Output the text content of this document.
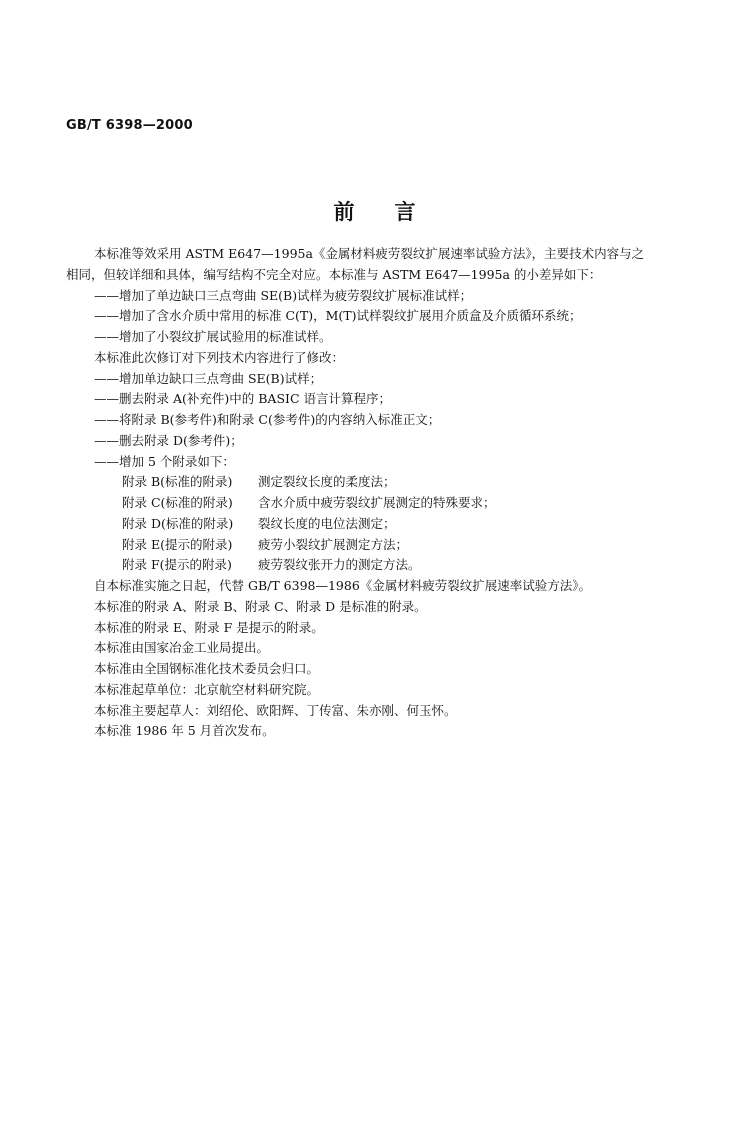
GB/T 6398—2000
前言
本标准等效采用 ASTM E647—1995a《金属材料疲劳裂纹扩展速率试验方法》，主要技术内容与之
相同，但较详细和具体，编写结构不完全对应。本标准与 ASTM E647—1995a 的小差异如下：
——增加了单边缺口三点弯曲 SE(B)试样为疲劳裂纹扩展标准试样；
——增加了含水介质中常用的标准 C(T)，M(T)试样裂纹扩展用介质盒及介质循环系统；
——增加了小裂纹扩展试验用的标准试样。
本标准此次修订对下列技术内容进行了修改：
——增加单边缺口三点弯曲 SE(B)试样；
——删去附录 A(补充件)中的 BASIC 语言计算程序；
——将附录 B(参考件)和附录 C(参考件)的内容纳入标准正文；
——删去附录 D(参考件)；
——增加 5 个附录如下：
附录 B(标准的附录)	测定裂纹长度的柔度法；
附录 C(标准的附录)	含水介质中疲劳裂纹扩展测定的特殊要求；
附录 D(标准的附录)	裂纹长度的电位法测定；
附录 E(提示的附录)	疲劳小裂纹扩展测定方法；
附录 F(提示的附录)	疲劳裂纹张开力的测定方法。
自本标准实施之日起，代替 GB/T 6398—1986《金属材料疲劳裂纹扩展速率试验方法》。
本标准的附录 A、附录 B、附录 C、附录 D 是标准的附录。
本标准的附录 E、附录 F 是提示的附录。
本标准由国家冶金工业局提出。
本标准由全国钢标准化技术委员会归口。
本标准起草单位：北京航空材料研究院。
本标准主要起草人：刘绍伦、欧阳辉、丁传富、朱亦刚、何玉怀。
本标准 1986 年 5 月首次发布。
